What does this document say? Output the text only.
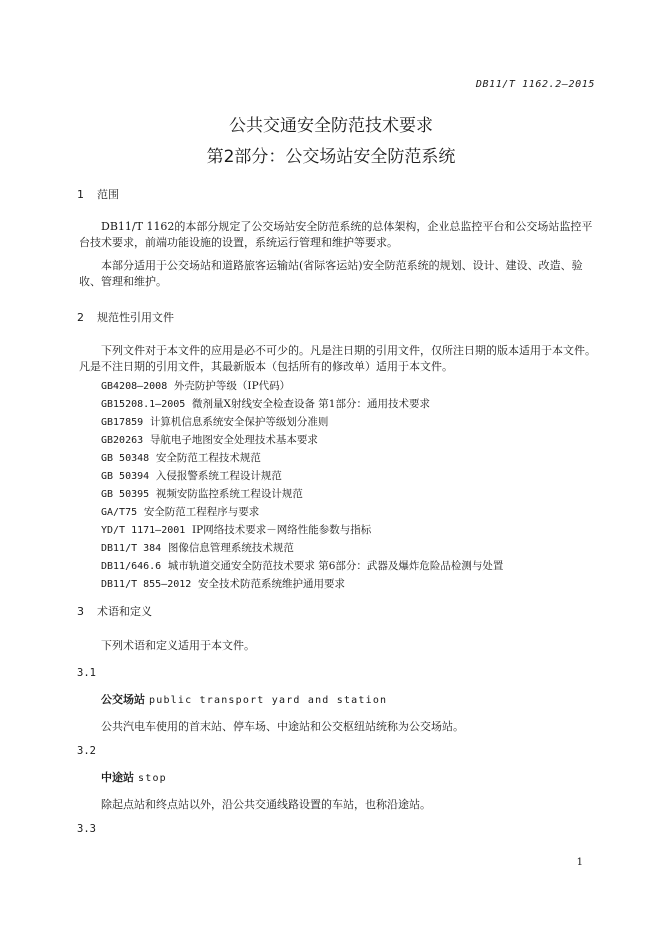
DB11/T 1162.2—2015
公共交通安全防范技术要求
第2部分：公交场站安全防范系统
1 范围
DB11/T 1162的本部分规定了公交场站安全防范系统的总体架构，企业总监控平台和公交场站监控平台技术要求，前端功能设施的设置，系统运行管理和维护等要求。
本部分适用于公交场站和道路旅客运输站(省际客运站)安全防范系统的规划、设计、建设、改造、验收、管理和维护。
2 规范性引用文件
下列文件对于本文件的应用是必不可少的。凡是注日期的引用文件，仅所注日期的版本适用于本文件。凡是不注日期的引用文件，其最新版本（包括所有的修改单）适用于本文件。
GB4208—2008 外壳防护等级（IP代码）
GB15208.1—2005 微剂量X射线安全检查设备 第1部分：通用技术要求
GB17859 计算机信息系统安全保护等级划分准则
GB20263 导航电子地图安全处理技术基本要求
GB 50348 安全防范工程技术规范
GB 50394 入侵报警系统工程设计规范
GB 50395 视频安防监控系统工程设计规范
GA/T75 安全防范工程程序与要求
YD/T 1171—2001 IP网络技术要求－网络性能参数与指标
DB11/T 384 图像信息管理系统技术规范
DB11/646.6 城市轨道交通安全防范技术要求 第6部分：武器及爆炸危险品检测与处置
DB11/T 855—2012 安全技术防范系统维护通用要求
3 术语和定义
下列术语和定义适用于本文件。
3.1
公交场站 public transport yard and station
公共汽电车使用的首末站、停车场、中途站和公交枢纽站统称为公交场站。
3.2
中途站 stop
除起点站和终点站以外，沿公共交通线路设置的车站，也称沿途站。
3.3
1
